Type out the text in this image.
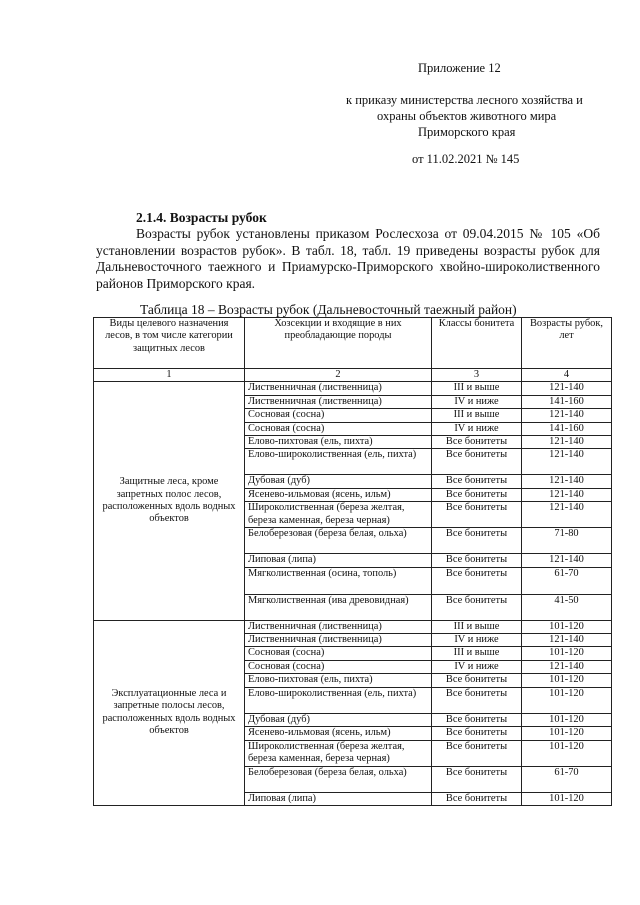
Приложение 12
к приказу министерства лесного хозяйства и
охраны объектов животного мира
Приморского края
от 11.02.2021 № 145
2.1.4. Возрасты рубок
Возрасты рубок установлены приказом Рослесхоза от 09.04.2015 № 105 «Об установлении возрастов рубок». В табл. 18, табл. 19 приведены возрасты рубок для Дальневосточного таежного и Приамурско-Приморского хвойно-широколиственного районов Приморского края.
Таблица 18 – Возрасты рубок (Дальневосточный таежный район)
Виды целевого назначения лесов, в том числе категории защитных лесов	Хозсекции и входящие в них преобладающие породы	Классы бонитета	Возрасты рубок, лет
1	2	3	4
Защитные леса, кроме запретных полос лесов, расположенных вдоль водных объектов	Лиственничная (лиственница)	III и выше	121-140
	Лиственничная (лиственница)	IV и ниже	141-160
	Сосновая (сосна)	III и выше	121-140
	Сосновая (сосна)	IV и ниже	141-160
	Елово-пихтовая (ель, пихта)	Все бонитеты	121-140
	Елово-широколиственная (ель, пихта)	Все бонитеты	121-140
	Дубовая (дуб)	Все бонитеты	121-140
	Ясенево-ильмовая (ясень, ильм)	Все бонитеты	121-140
	Широколиственная (береза желтая, береза каменная, береза черная)	Все бонитеты	121-140
	Белоберезовая (береза белая, ольха)	Все бонитеты	71-80
	Липовая (липа)	Все бонитеты	121-140
	Мягколиственная (осина, тополь)	Все бонитеты	61-70
	Мягколиственная (ива древовидная)	Все бонитеты	41-50
Эксплуатационные леса и запретные полосы лесов, расположенных вдоль водных объектов	Лиственничная (лиственница)	III и выше	101-120
	Лиственничная (лиственница)	IV и ниже	121-140
	Сосновая (сосна)	III и выше	101-120
	Сосновая (сосна)	IV и ниже	121-140
	Елово-пихтовая (ель, пихта)	Все бонитеты	101-120
	Елово-широколиственная (ель, пихта)	Все бонитеты	101-120
	Дубовая (дуб)	Все бонитеты	101-120
	Ясенево-ильмовая (ясень, ильм)	Все бонитеты	101-120
	Широколиственная (береза желтая, береза каменная, береза черная)	Все бонитеты	101-120
	Белоберезовая (береза белая, ольха)	Все бонитеты	61-70
	Липовая (липа)	Все бонитеты	101-120
